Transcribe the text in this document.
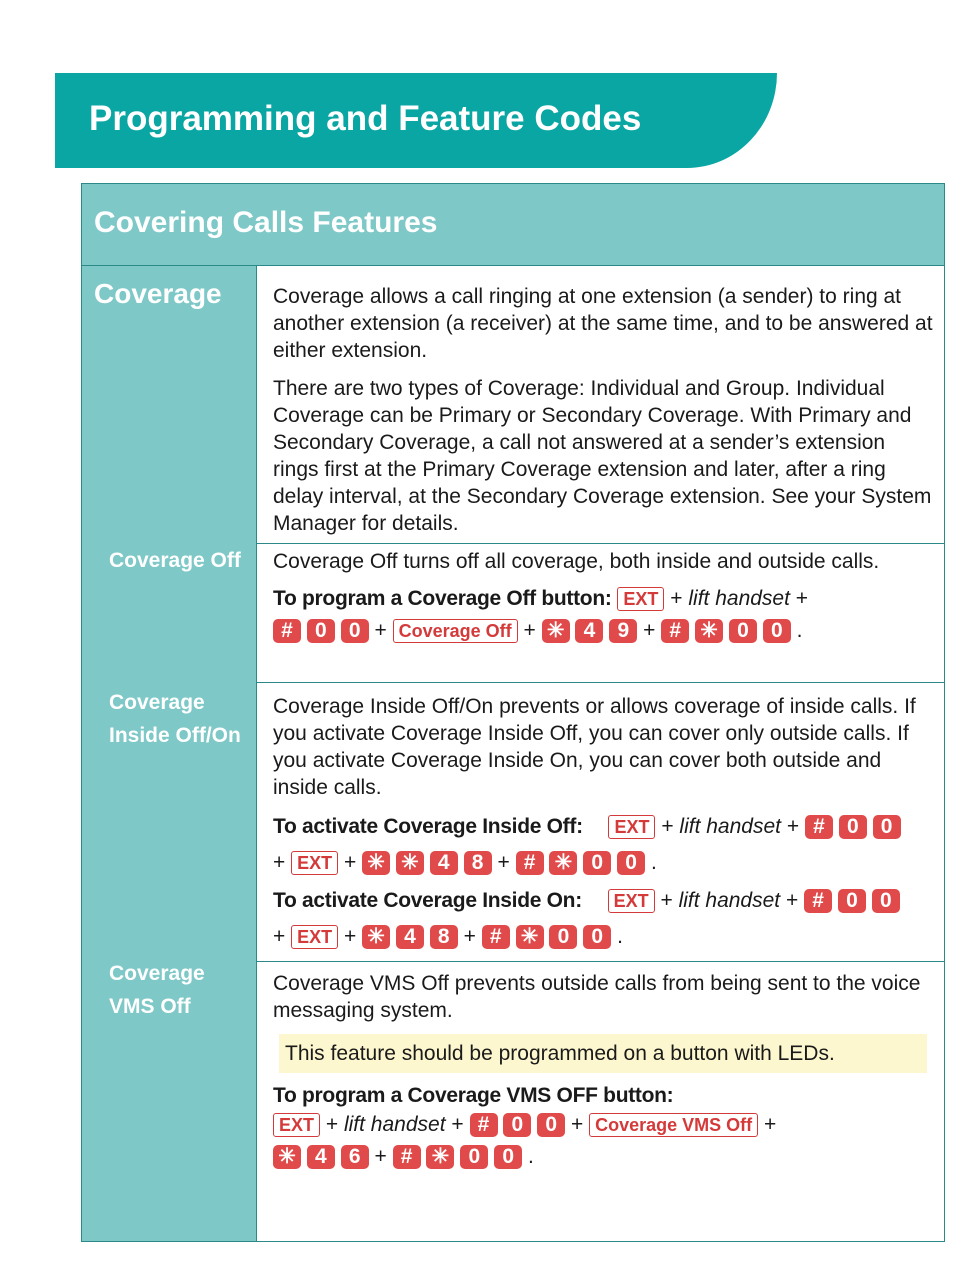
Programming and Feature Codes
Covering Calls Features
Coverage
Coverage Off
Coverage
Inside Off/On
Coverage
VMS Off

Coverage allows a call ringing at one extension (a sender) to ring at another extension (a receiver) at the same time, and to be answered at either extension.

There are two types of Coverage: Individual and Group. Individual Coverage can be Primary or Secondary Coverage. With Primary and Secondary Coverage, a call not answered at a sender’s extension rings first at the Primary Coverage extension and later, after a ring delay interval, at the Secondary Coverage extension. See your System Manager for details.

Coverage Off turns off all coverage, both inside and outside calls.

To program a Coverage Off button: EXT + lift handset +
# 0 0 + Coverage Off + ✳ 4 9 + # ✳ 0 0 .

Coverage Inside Off/On prevents or allows coverage of inside calls. If you activate Coverage Inside Off, you can cover only outside calls. If you activate Coverage Inside On, you can cover both outside and inside calls.

To activate Coverage Inside Off: EXT + lift handset + # 0 0
+ EXT + ✳ ✳ 4 8 + # ✳ 0 0 .
To activate Coverage Inside On: EXT + lift handset + # 0 0
+ EXT + ✳ 4 8 + # ✳ 0 0 .

Coverage VMS Off prevents outside calls from being sent to the voice messaging system.

This feature should be programmed on a button with LEDs.
To program a Coverage VMS OFF button:
EXT + lift handset + # 0 0 + Coverage VMS Off +
✳ 4 6 + # ✳ 0 0 .
